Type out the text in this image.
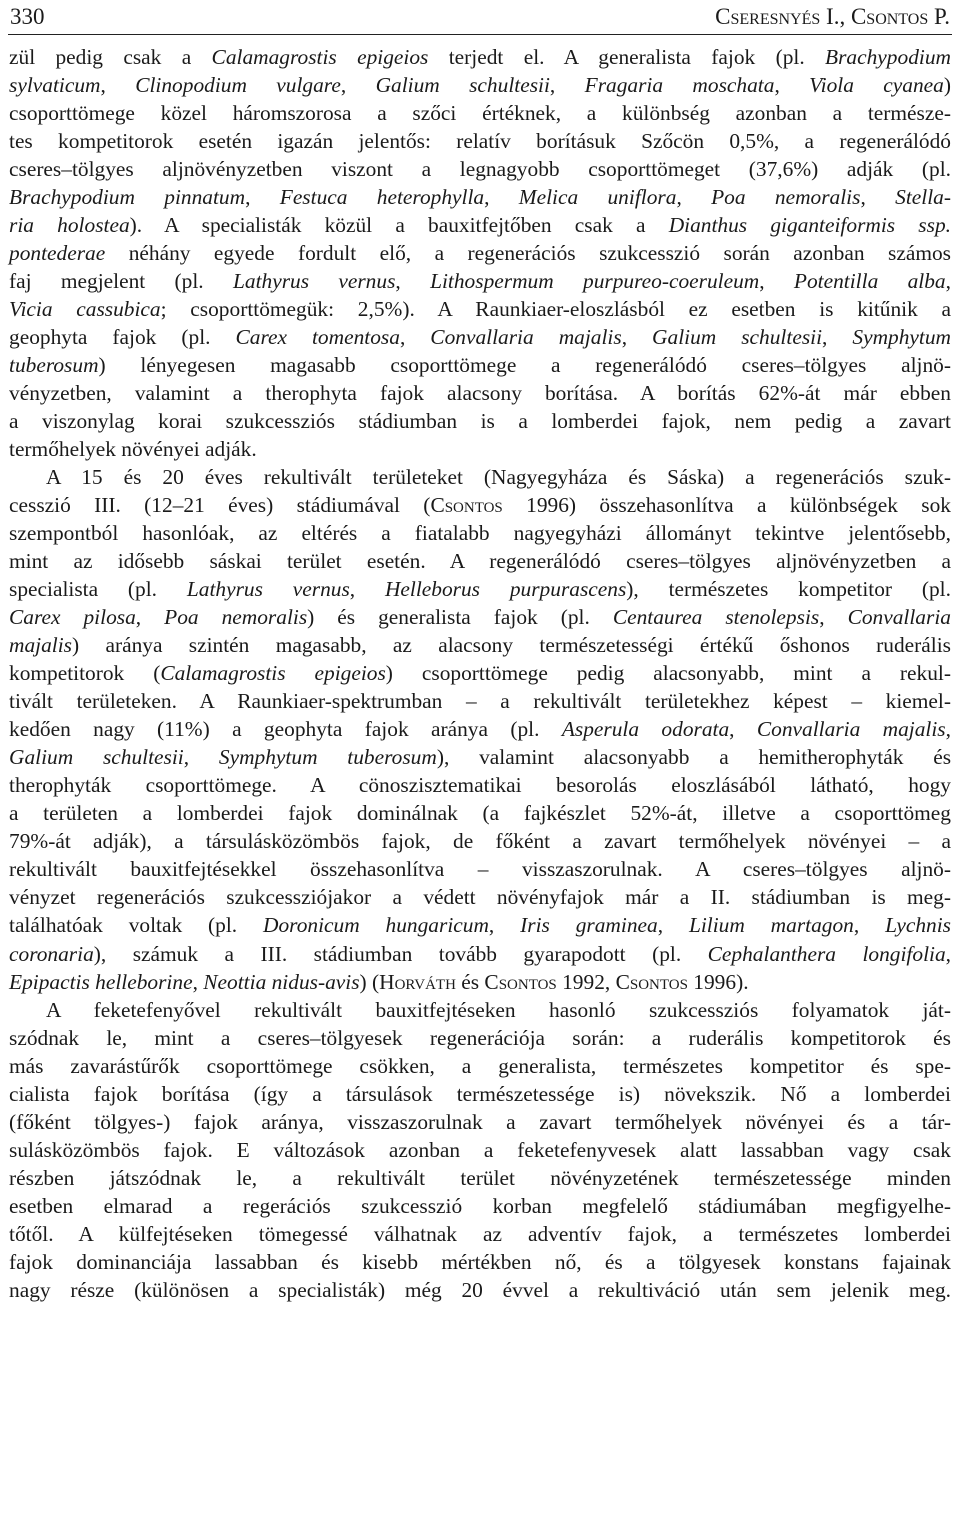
330	Cseresnyés I., Csontos P.
zül pedig csak a Calamagrostis epigeios terjedt el. A generalista fajok (pl. Brachypodium
sylvaticum, Clinopodium vulgare, Galium schultesii, Fragaria moschata, Viola cyanea)
csoporttömege közel háromszorosa a szőci értéknek, a különbség azonban a természe-
tes kompetitorok esetén igazán jelentős: relatív borításuk Szőcön 0,5%, a regenerálódó
cseres–tölgyes aljnövényzetben viszont a legnagyobb csoporttömeget (37,6%) adják (pl.
Brachypodium pinnatum, Festuca heterophylla, Melica uniflora, Poa nemoralis, Stella-
ria holostea). A specialisták közül a bauxitfejtőben csak a Dianthus giganteiformis ssp.
pontederae néhány egyede fordult elő, a regenerációs szukcesszió során azonban számos
faj megjelent (pl. Lathyrus vernus, Lithospermum purpureo-coeruleum, Potentilla alba,
Vicia cassubica; csoporttömegük: 2,5%). A Raunkiaer-eloszlásból ez esetben is kitűnik a
geophyta fajok (pl. Carex tomentosa, Convallaria majalis, Galium schultesii, Symphytum
tuberosum) lényegesen magasabb csoporttömege a regenerálódó cseres–tölgyes aljnö-
vényzetben, valamint a therophyta fajok alacsony borítása. A borítás 62%-át már ebben
a viszonylag korai szukcessziós stádiumban is a lomberdei fajok, nem pedig a zavart
termőhelyek növényei adják.
A 15 és 20 éves rekultivált területeket (Nagyegyháza és Sáska) a regenerációs szuk-
cesszió III. (12–21 éves) stádiumával (Csontos 1996) összehasonlítva a különbségek sok
szempontból hasonlóak, az eltérés a fiatalabb nagyegyházi állományt tekintve jelentősebb,
mint az idősebb sáskai terület esetén. A regenerálódó cseres–tölgyes aljnövényzetben a
specialista (pl. Lathyrus vernus, Helleborus purpurascens), természetes kompetitor (pl.
Carex pilosa, Poa nemoralis) és generalista fajok (pl. Centaurea stenolepsis, Convallaria
majalis) aránya szintén magasabb, az alacsony természetességi értékű őshonos ruderális
kompetitorok (Calamagrostis epigeios) csoporttömege pedig alacsonyabb, mint a rekul-
tivált területeken. A Raunkiaer-spektrumban – a rekultivált területekhez képest – kiemel-
kedően nagy (11%) a geophyta fajok aránya (pl. Asperula odorata, Convallaria majalis,
Galium schultesii, Symphytum tuberosum), valamint alacsonyabb a hemitherophyták és
therophyták csoporttömege. A cönoszisztematikai besorolás eloszlásából látható, hogy
a területen a lomberdei fajok dominálnak (a fajkészlet 52%-át, illetve a csoporttömeg
79%-át adják), a társulásközömbös fajok, de főként a zavart termőhelyek növényei – a
rekultivált bauxitfejtésekkel összehasonlítva – visszaszorulnak. A cseres–tölgyes aljnö-
vényzet regenerációs szukcessziójakor a védett növényfajok már a II. stádiumban is meg-
találhatóak voltak (pl. Doronicum hungaricum, Iris graminea, Lilium martagon, Lychnis
coronaria), számuk a III. stádiumban tovább gyarapodott (pl. Cephalanthera longifolia,
Epipactis helleborine, Neottia nidus-avis) (Horváth és Csontos 1992, Csontos 1996).
A feketefenyővel rekultivált bauxitfejtéseken hasonló szukcessziós folyamatok ját-
szódnak le, mint a cseres–tölgyesek regenerációja során: a ruderális kompetitorok és
más zavarástűrők csoporttömege csökken, a generalista, természetes kompetitor és spe-
cialista fajok borítása (így a társulások természetessége is) növekszik. Nő a lomberdei
(főként tölgyes-) fajok aránya, visszaszorulnak a zavart termőhelyek növényei és a tár-
sulásközömbös fajok. E változások azonban a feketefenyvesek alatt lassabban vagy csak
részben játszódnak le, a rekultivált terület növényzetének természetessége minden
esetben elmarad a regerációs szukcesszió korban megfelelő stádiumában megfigyelhe-
tőtől. A külfejtéseken tömegessé válhatnak az adventív fajok, a természetes lomberdei
fajok dominanciája lassabban és kisebb mértékben nő, és a tölgyesek konstans fajainak
nagy része (különösen a specialisták) még 20 évvel a rekultiváció után sem jelenik meg.
